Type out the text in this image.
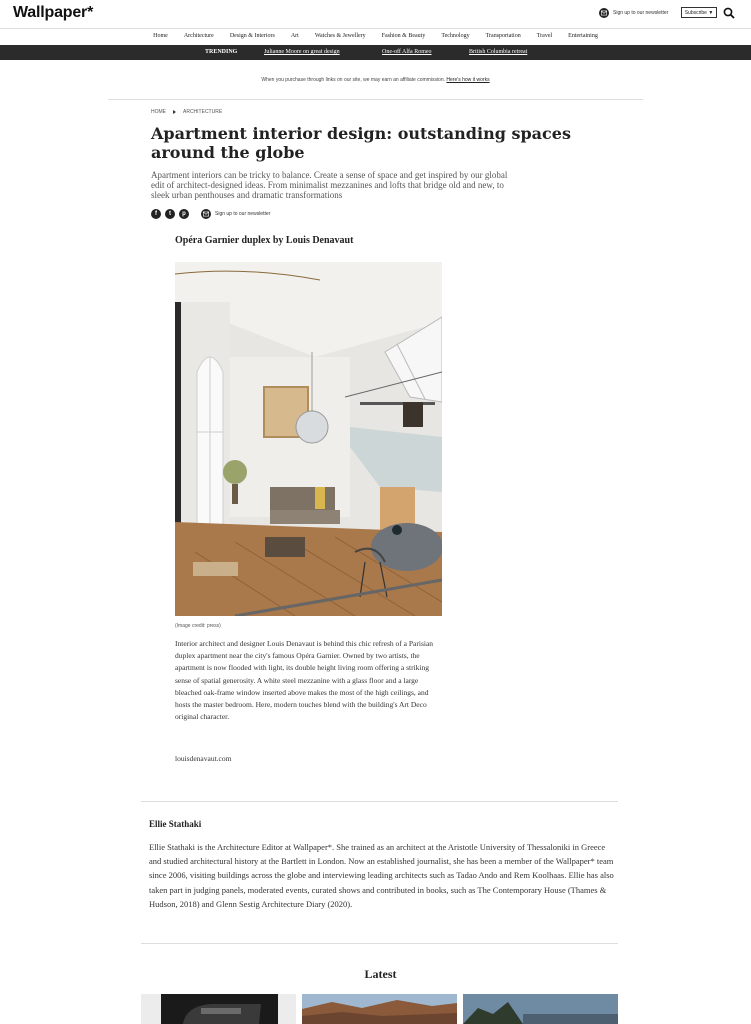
Wallpaper*	Sign up to our newsletter	Subscribe ▼
Home	Architecture	Design & Interiors	Art	Watches & Jewellery	Fashion & Beauty	Technology	Transportation	Travel	Entertaining
TRENDING	Julianne Moore on great design	One-off Alfa Romeo	British Columbia retreat
When you purchase through links on our site, we may earn an affiliate commission. Here's how it works
HOME	ARCHITECTURE
Apartment interior design: outstanding spaces around the globe

Apartment interiors can be tricky to balance. Create a sense of space and get inspired by our global edit of architect-designed ideas. From minimalist mezzanines and lofts that bridge old and new, to sleek urban penthouses and dramatic transformations

f	t	p	Sign up to our newsletter
Opéra Garnier duplex by Louis Denavaut
(Image credit: press)

Interior architect and designer Louis Denavaut is behind this chic refresh of a Parisian duplex apartment near the city's famous Opéra Garnier. Owned by two artists, the apartment is now flooded with light, its double height living room offering a striking sense of spatial generosity. A white steel mezzanine with a glass floor and a large bleached oak-frame window inserted above makes the most of the high ceilings, and hosts the master bedroom. Here, modern touches blend with the building's Art Deco original character.

louisdenavaut.com
Ellie Stathaki

Ellie Stathaki is the Architecture Editor at Wallpaper*. She trained as an architect at the Aristotle University of Thessaloniki in Greece and studied architectural history at the Bartlett in London. Now an established journalist, she has been a member of the Wallpaper* team since 2006, visiting buildings across the globe and interviewing leading architects such as Tadao Ando and Rem Koolhaas. Ellie has also taken part in judging panels, moderated events, curated shows and contributed in books, such as The Contemporary House (Thames & Hudson, 2018) and Glenn Sestig Architecture Diary (2020).

Latest
